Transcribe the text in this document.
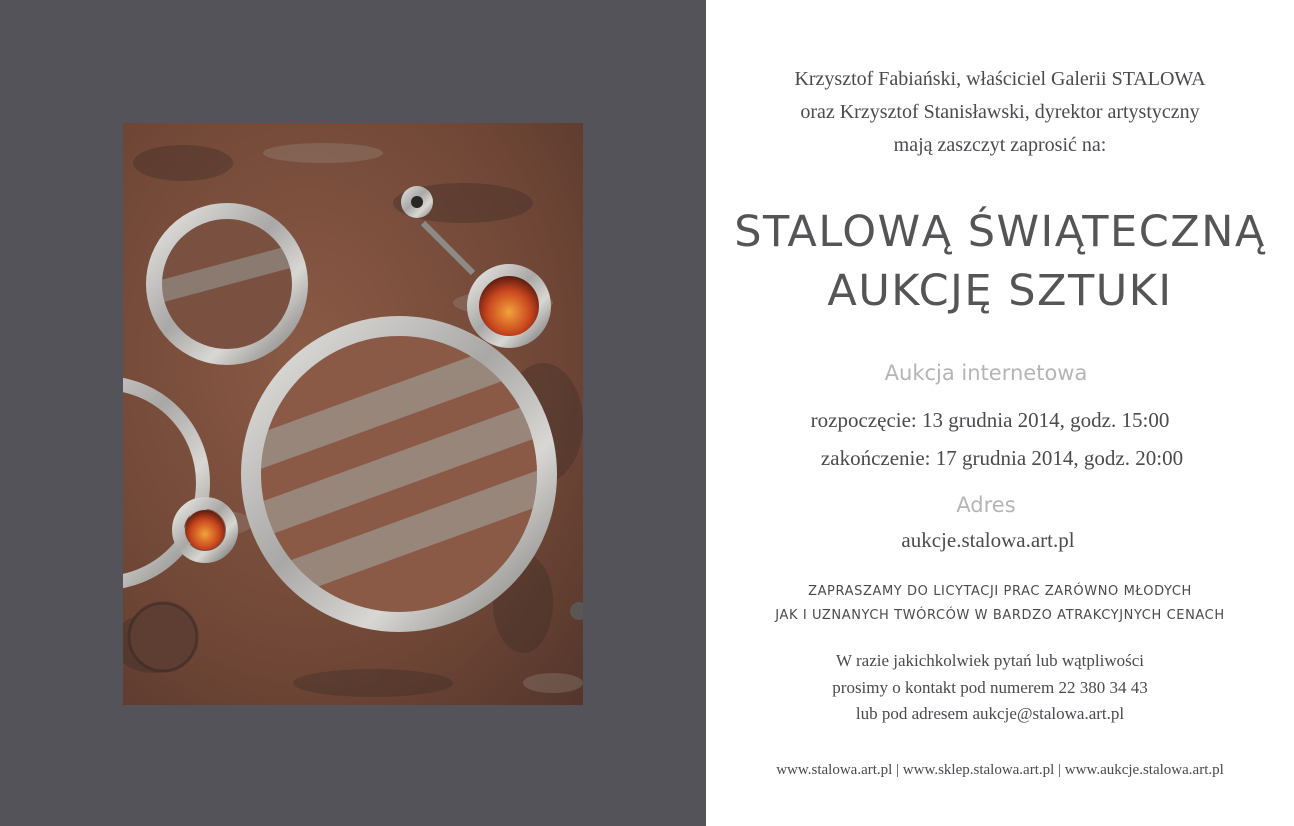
Krzysztof Fabiański, właściciel Galerii STALOWA
oraz Krzysztof Stanisławski, dyrektor artystyczny
mają zaszczyt zaprosić na:
STALOWĄ ŚWIĄTECZNĄ
AUKCJĘ SZTUKI
Aukcja internetowa
rozpoczęcie: 13 grudnia 2014, godz. 15:00
zakończenie: 17 grudnia 2014, godz. 20:00
Adres
aukcje.stalowa.art.pl
ZAPRASZAMY DO LICYTACJI PRAC ZARÓWNO MŁODYCH
JAK I UZNANYCH TWÓRCÓW W BARDZO ATRAKCYJNYCH CENACH
W razie jakichkolwiek pytań lub wątpliwości
prosimy o kontakt pod numerem 22 380 34 43
lub pod adresem aukcje@stalowa.art.pl
www.stalowa.art.pl | www.sklep.stalowa.art.pl | www.aukcje.stalowa.art.pl
